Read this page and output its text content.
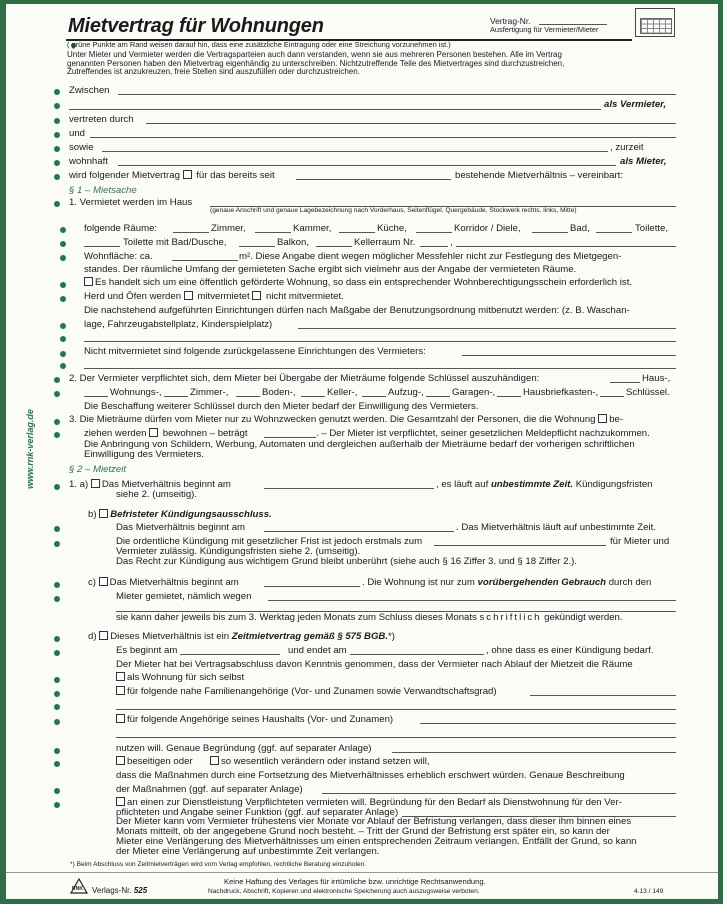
Mietvertrag für Wohnungen	Vertrag-Nr.
Ausfertigung für Vermieter/Mieter
( grüne Punkte am Rand weisen darauf hin, dass eine zusätzliche Eintragung oder eine Streichung vorzunehmen ist.)
Unter Mieter und Vermieter werden die Vertragsparteien auch dann verstanden, wenn sie aus mehreren Personen bestehen. Alle im Vertrag
genannten Personen haben den Mietvertrag eigenhändig zu unterschreiben. Nichtzutreffende Teile des Mietvertrages sind durchzustreichen,
Zutreffendes ist anzukreuzen, freie Stellen sind auszufüllen oder durchzustreichen.
Zwischen
als Vermieter,
vertreten durch
und
sowie	, zurzeit
wohnhaft	als Mieter,
wird folgender Mietvertrag für das bereits seit	bestehende Mietverhältnis – vereinbart:
§ 1 – Mietsache
1. Vermietet werden im Haus
(genaue Anschrift und genaue Lagebezeichnung nach Vorderhaus, Seitenflügel, Quergebäude, Stockwerk rechts, links, Mitte)
folgende Räume:	Zimmer,	Kammer,	Küche,	Korridor / Diele,	Bad,	Toilette,
Toilette mit Bad/Dusche,	Balkon,	Kellerraum Nr.	,
Wohnfläche: ca.	m². Diese Angabe dient wegen möglicher Messfehler nicht zur Festlegung des Mietgegen-
standes. Der räumliche Umfang der gemieteten Sache ergibt sich vielmehr aus der Angabe der vermieteten Räume.
Es handelt sich um eine öffentlich geförderte Wohnung, so dass ein entsprechender Wohnberechtigungsschein erforderlich ist.
Herd und Öfen werden mitvermietet nicht mitvermietet.
Die nachstehend aufgeführten Einrichtungen dürfen nach Maßgabe der Benutzungsordnung mitbenutzt werden: (z. B. Waschan-
lage, Fahrzeugabstellplatz, Kinderspielplatz)
Nicht mitvermietet sind folgende zurückgelassene Einrichtungen des Vermieters:
2. Der Vermieter verpflichtet sich, dem Mieter bei Übergabe der Mieträume folgende Schlüssel auszuhändigen:	Haus-,
Wohnungs-,	Zimmer-,	Boden-,	Keller-,	Aufzug-,	Garagen-,	Hausbriefkasten-,	Schlüssel.
Die Beschaffung weiterer Schlüssel durch den Mieter bedarf der Einwilligung des Vermieters.
3. Die Mieträume dürfen vom Mieter nur zu Wohnzwecken genutzt werden. Die Gesamtzahl der Personen, die die Wohnung be-
ziehen werden bewohnen – beträgt	. – Der Mieter ist verpflichtet, seiner gesetzlichen Meldepflicht nachzukommen.
Die Anbringung von Schildern, Werbung, Automaten und dergleichen außerhalb der Mieträume bedarf der vorherigen schriftlichen
Einwilligung des Vermieters.
§ 2 – Mietzeit
1. a) Das Mietverhältnis beginnt am	, es läuft auf unbestimmte Zeit. Kündigungsfristen
siehe 2. (umseitig).
b) Befristeter Kündigungsausschluss.
Das Mietverhältnis beginnt am	. Das Mietverhältnis läuft auf unbestimmte Zeit.
Die ordentliche Kündigung mit gesetzlicher Frist ist jedoch erstmals zum	für Mieter und
Vermieter zulässig. Kündigungsfristen siehe 2. (umseitig).
Das Recht zur Kündigung aus wichtigem Grund bleibt unberührt (siehe auch § 16 Ziffer 3. und § 18 Ziffer 2.).
c) Das Mietverhältnis beginnt am	. Die Wohnung ist nur zum vorübergehenden Gebrauch durch den
Mieter gemietet, nämlich wegen
sie kann daher jeweils bis zum 3. Werktag jeden Monats zum Schluss dieses Monats schriftlich gekündigt werden.
d) Dieses Mietverhältnis ist ein Zeitmietvertrag gemäß § 575 BGB.*)
Es beginnt am	und endet am	, ohne dass es einer Kündigung bedarf.
Der Mieter hat bei Vertragsabschluss davon Kenntnis genommen, dass der Vermieter nach Ablauf der Mietzeit die Räume
als Wohnung für sich selbst
für folgende nahe Familienangehörige (Vor- und Zunamen sowie Verwandtschaftsgrad)
für folgende Angehörige seines Haushalts (Vor- und Zunamen)
nutzen will. Genaue Begründung (ggf. auf separater Anlage)
beseitigen oder	so wesentlich verändern oder instand setzen will,
dass die Maßnahmen durch eine Fortsetzung des Mietverhältnisses erheblich erschwert würden. Genaue Beschreibung
der Maßnahmen (ggf. auf separater Anlage)
an einen zur Dienstleistung Verpflichteten vermieten will. Begründung für den Bedarf als Dienstwohnung für den Ver-
pflichteten und Angabe seiner Funktion (ggf. auf separater Anlage)
Der Mieter kann vom Vermieter frühestens vier Monate vor Ablauf der Befristung verlangen, dass dieser ihm binnen eines
Monats mitteilt, ob der angegebene Grund noch besteht. – Tritt der Grund der Befristung erst später ein, so kann der
Mieter eine Verlängerung des Mietverhältnisses um einen entsprechenden Zeitraum verlangen. Entfällt der Grund, so kann
der Mieter eine Verlängerung auf unbestimmte Zeit verlangen.
*) Beim Abschluss von Zeitmietverträgen wird vom Verlag empfohlen, rechtliche Beratung einzuholen.
RNK Verlags-Nr. 525
Keine Haftung des Verlages für irrtümliche bzw. unrichtige Rechtsanwendung.
Nachdruck, Abschrift, Kopieren und elektronische Speicherung auch auszugsweise verboten.	4.13 / 149
www.rnk-verlag.de
